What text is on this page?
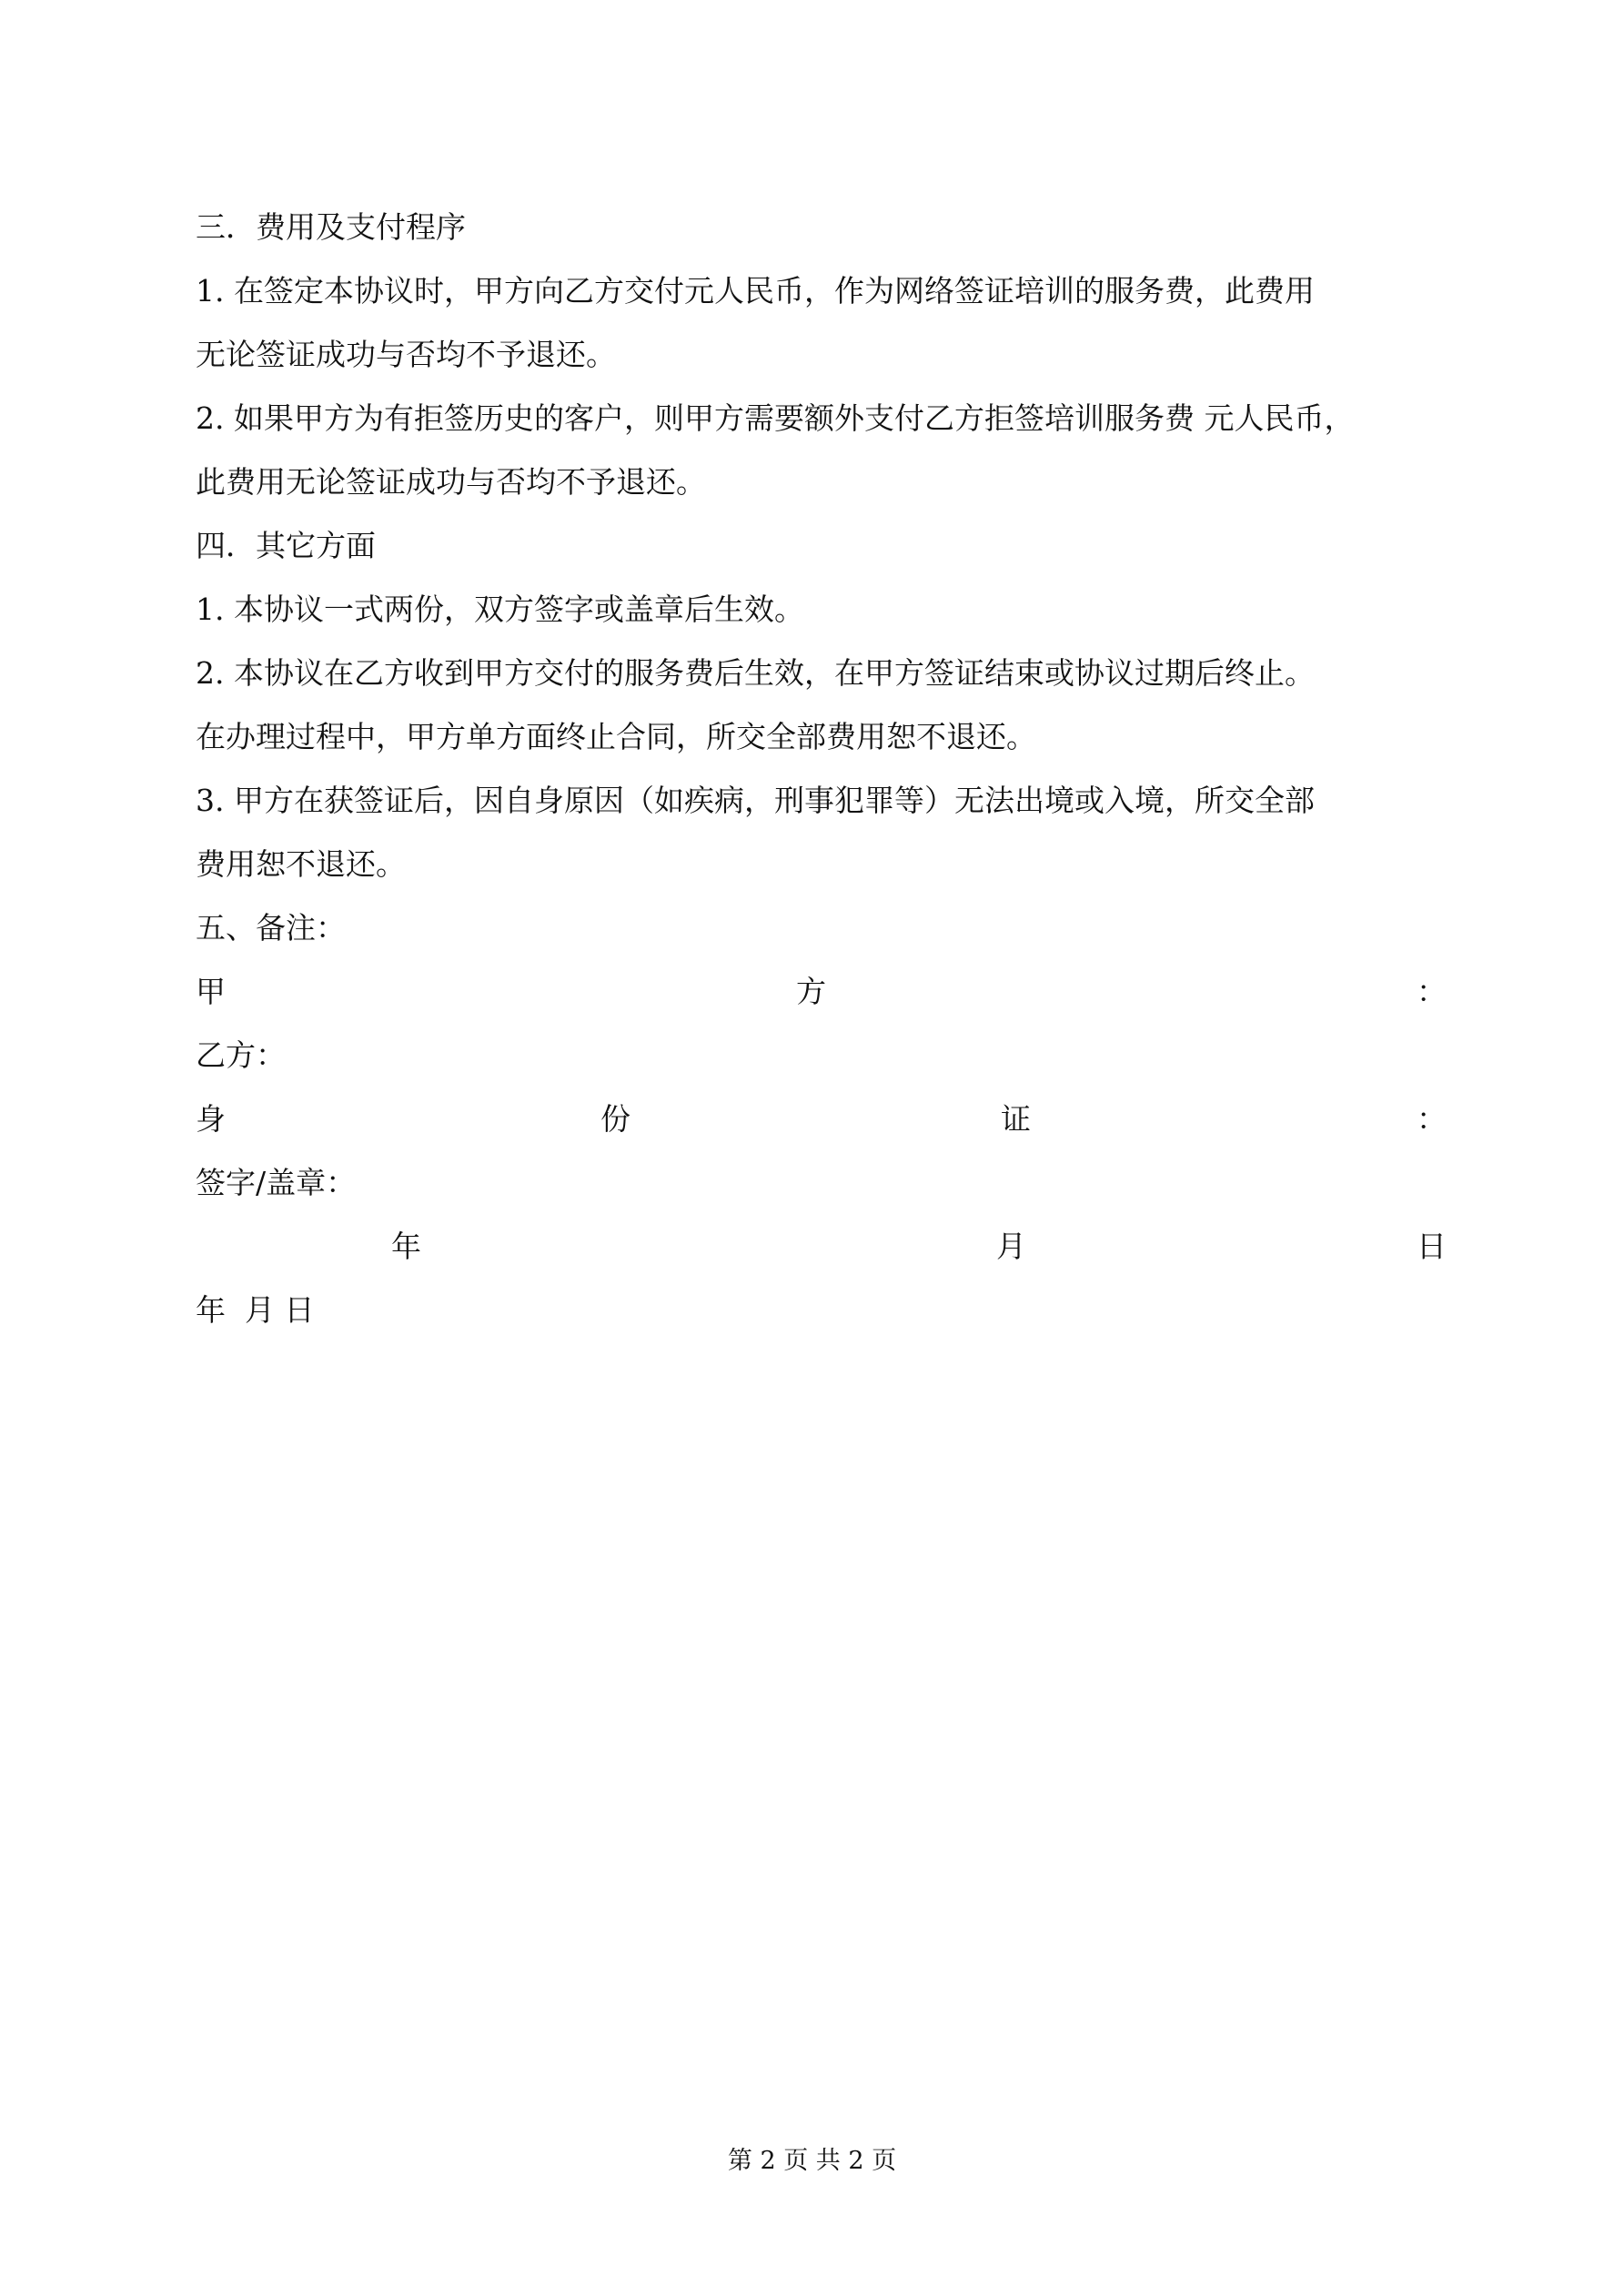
三．费用及支付程序
1. 在签定本协议时，甲方向乙方交付元人民币，作为网络签证培训的服务费，此费用
无论签证成功与否均不予退还。
2. 如果甲方为有拒签历史的客户，则甲方需要额外支付乙方拒签培训服务费 元人民币，
此费用无论签证成功与否均不予退还。
四．其它方面
1. 本协议一式两份，双方签字或盖章后生效。
2. 本协议在乙方收到甲方交付的服务费后生效，在甲方签证结束或协议过期后终止。
在办理过程中，甲方单方面终止合同，所交全部费用恕不退还。
3. 甲方在获签证后，因自身原因（如疾病，刑事犯罪等）无法出境或入境，所交全部
费用恕不退还。
五、备注：
甲	方	：
乙方：
身	份	证	：
签字/盖章：
年	月	日
年  月 日
第 2 页 共 2 页
